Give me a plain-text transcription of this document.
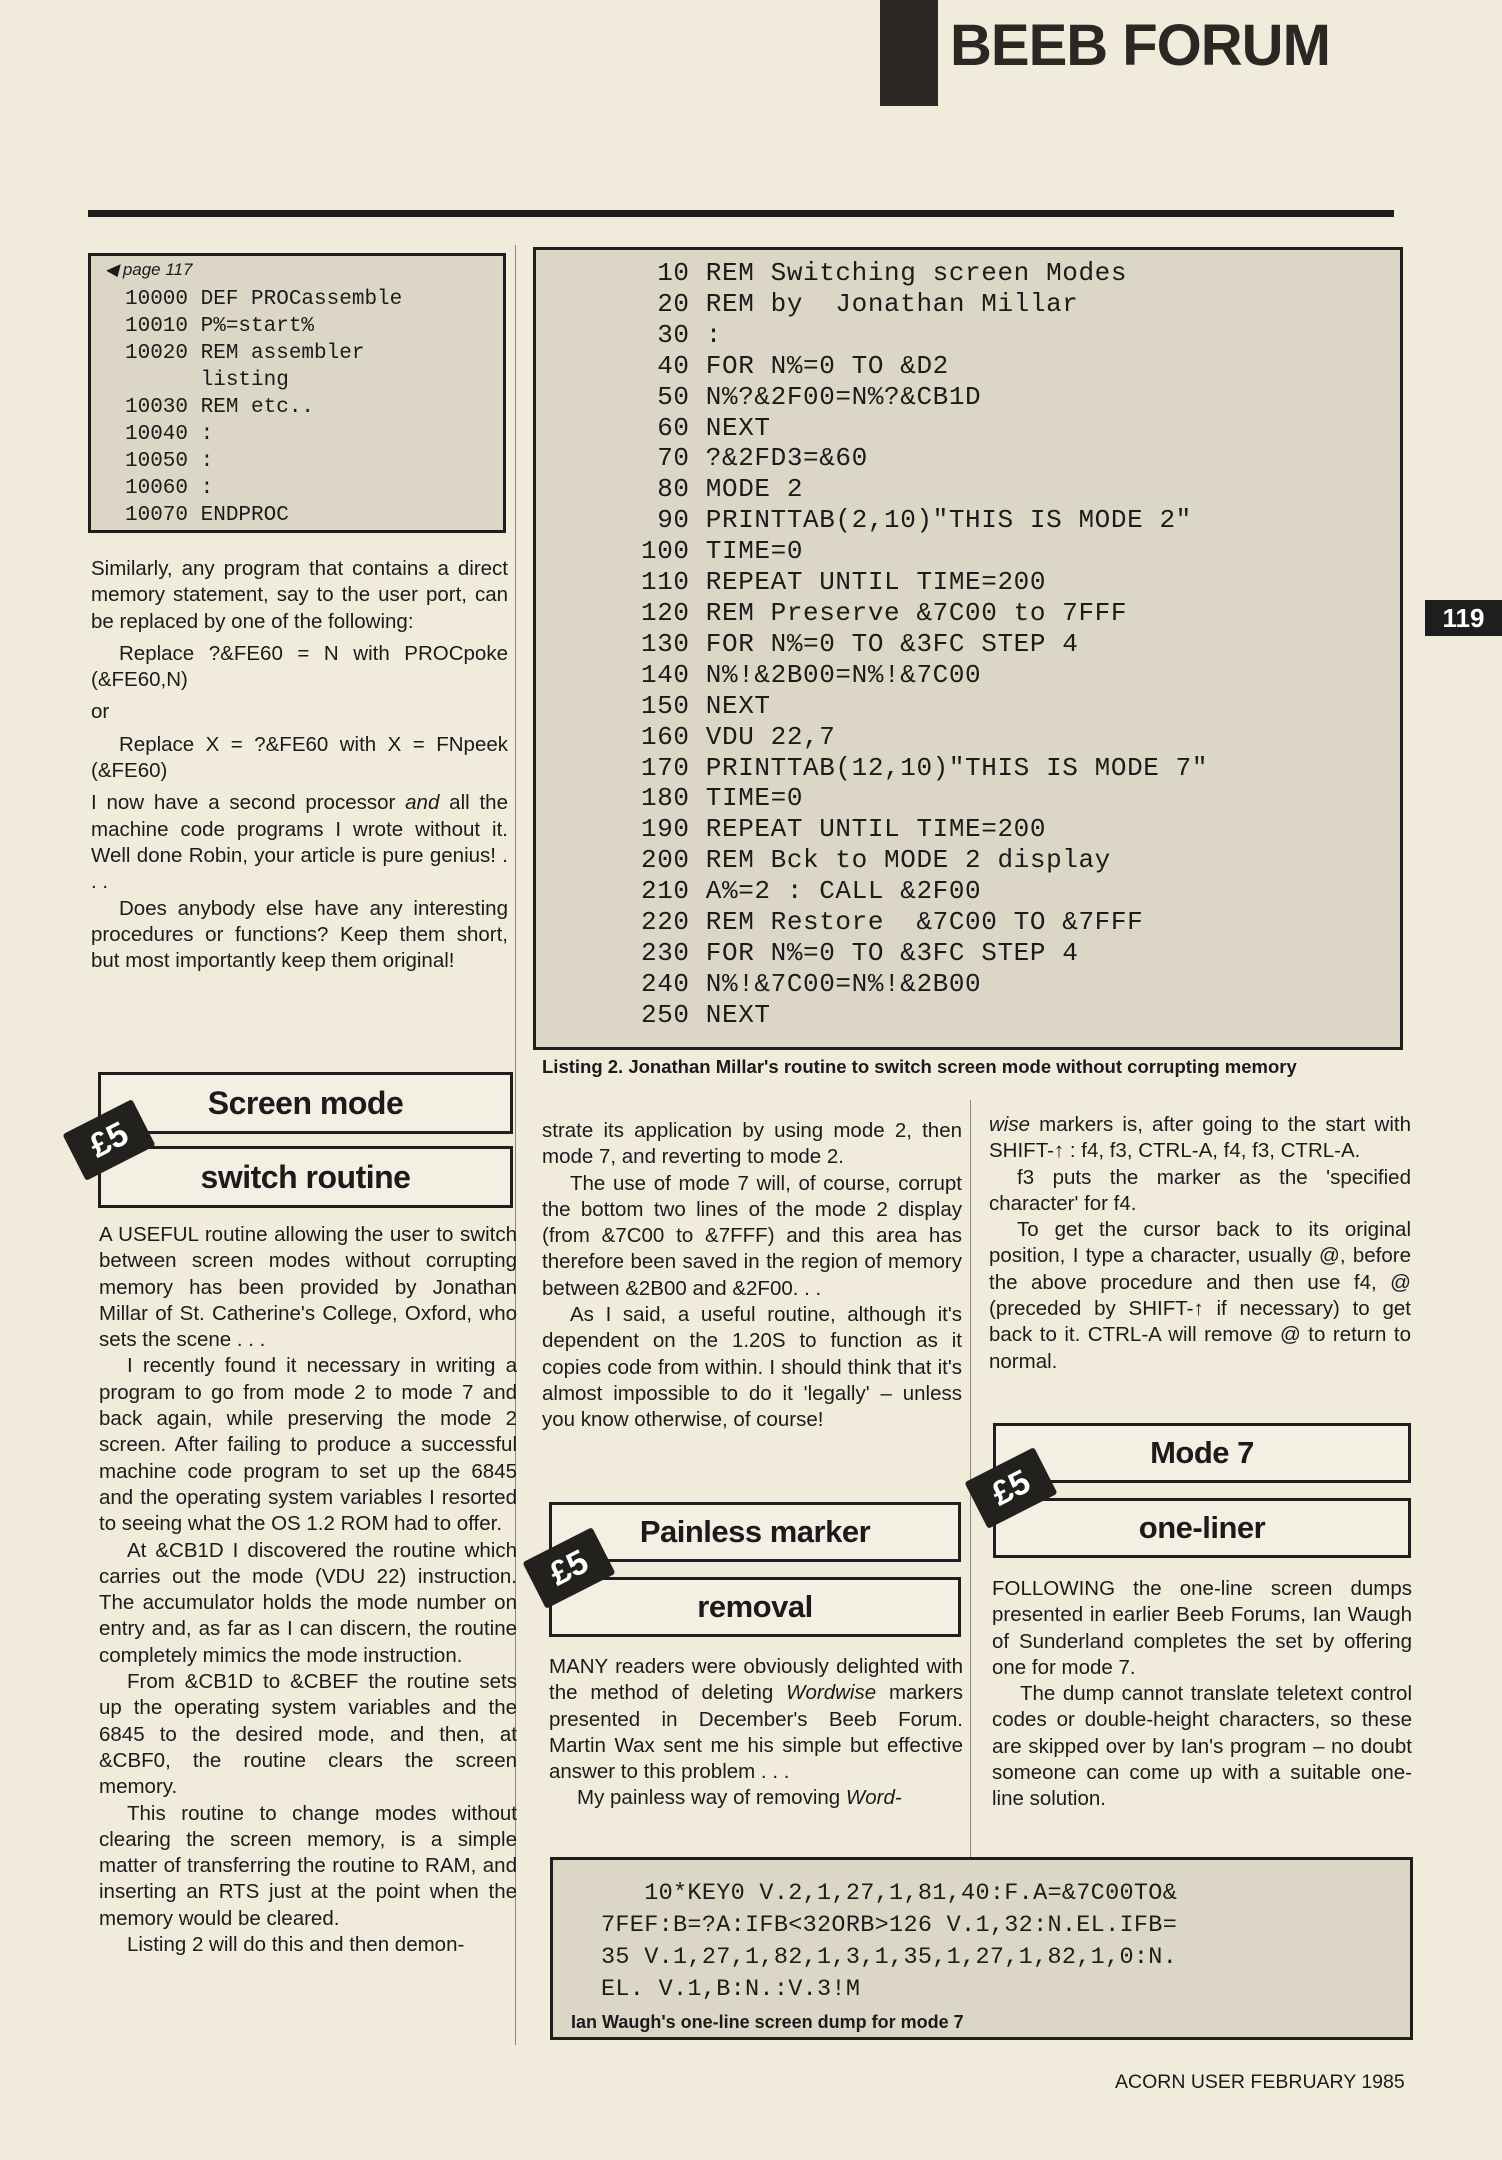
BEEB FORUM
119
◀ page 117
10000 DEF PROCassemble
10010 P%=start%
10020 REM assembler
listing
10030 REM etc..
10040 :
10050 :
10060 :
10070 ENDPROC

Similarly, any program that contains a direct memory statement, say to the user port, can be replaced by one of the following:

Replace ?&FE60 = N with PROCpoke (&FE60,N)

or

Replace X = ?&FE60 with X = FNpeek (&FE60)

I now have a second processor and all the machine code programs I wrote without it. Well done Robin, your article is pure genius! . . .

Does anybody else have any interesting procedures or functions? Keep them short, but most importantly keep them original!

Screen mode
switch routine
£5

A USEFUL routine allowing the user to switch between screen modes without corrupting memory has been provided by Jonathan Millar of St. Catherine's College, Oxford, who sets the scene . . .

I recently found it necessary in writing a program to go from mode 2 to mode 7 and back again, while preserving the mode 2 screen. After failing to produce a successful machine code program to set up the 6845 and the operating system variables I resorted to seeing what the OS 1.2 ROM had to offer.

At &CB1D I discovered the routine which carries out the mode (VDU 22) instruction. The accumulator holds the mode number on entry and, as far as I can discern, the routine completely mimics the mode instruction.

From &CB1D to &CBEF the routine sets up the operating system variables and the 6845 to the desired mode, and then, at &CBF0, the routine clears the screen memory.

This routine to change modes without clearing the screen memory, is a simple matter of transferring the routine to RAM, and inserting an RTS just at the point when the memory would be cleared.

Listing 2 will do this and then demon-

10 REM Switching screen Modes
20 REM by  Jonathan Millar
30 :
40 FOR N%=0 TO &D2
50 N%?&2F00=N%?&CB1D
60 NEXT
70 ?&2FD3=&60
80 MODE 2
90 PRINTTAB(2,10)"THIS IS MODE 2"
100 TIME=0
110 REPEAT UNTIL TIME=200
120 REM Preserve &7C00 to 7FFF
130 FOR N%=0 TO &3FC STEP 4
140 N%!&2B00=N%!&7C00
150 NEXT
160 VDU 22,7
170 PRINTTAB(12,10)"THIS IS MODE 7"
180 TIME=0
190 REPEAT UNTIL TIME=200
200 REM Bck to MODE 2 display
210 A%=2 : CALL &2F00
220 REM Restore  &7C00 TO &7FFF
230 FOR N%=0 TO &3FC STEP 4
240 N%!&7C00=N%!&2B00
250 NEXT
Listing 2. Jonathan Millar's routine to switch screen mode without corrupting memory

strate its application by using mode 2, then mode 7, and reverting to mode 2.

The use of mode 7 will, of course, corrupt the bottom two lines of the mode 2 display (from &7C00 to &7FFF) and this area has therefore been saved in the region of memory between &2B00 and &2F00. . .

As I said, a useful routine, although it's dependent on the 1.20S to function as it copies code from within. I should think that it's almost impossible to do it 'legally' – unless you know otherwise, of course!

Painless marker
removal
£5

MANY readers were obviously delighted with the method of deleting Wordwise markers presented in December's Beeb Forum. Martin Wax sent me his simple but effective answer to this problem . . .

My painless way of removing Word-

wise markers is, after going to the start with SHIFT-↑ : f4, f3, CTRL-A, f4, f3, CTRL-A.

f3 puts the marker as the 'specified character' for f4.

To get the cursor back to its original position, I type a character, usually @, before the above procedure and then use f4, @ (preceded by SHIFT-↑ if necessary) to get back to it. CTRL-A will remove @ to return to normal.

Mode 7
one-liner
£5

FOLLOWING the one-line screen dumps presented in earlier Beeb Forums, Ian Waugh of Sunderland completes the set by offering one for mode 7.

The dump cannot translate teletext control codes or double-height characters, so these are skipped over by Ian's program – no doubt someone can come up with a suitable one-line solution.

10*KEY0 V.2,1,27,1,81,40:F.A=&7C00TO&
7FEF:B=?A:IFB<32ORB>126 V.1,32:N.EL.IFB=
35 V.1,27,1,82,1,3,1,35,1,27,1,82,1,0:N.
EL. V.1,B:N.:V.3!M
Ian Waugh's one-line screen dump for mode 7
ACORN USER FEBRUARY 1985
